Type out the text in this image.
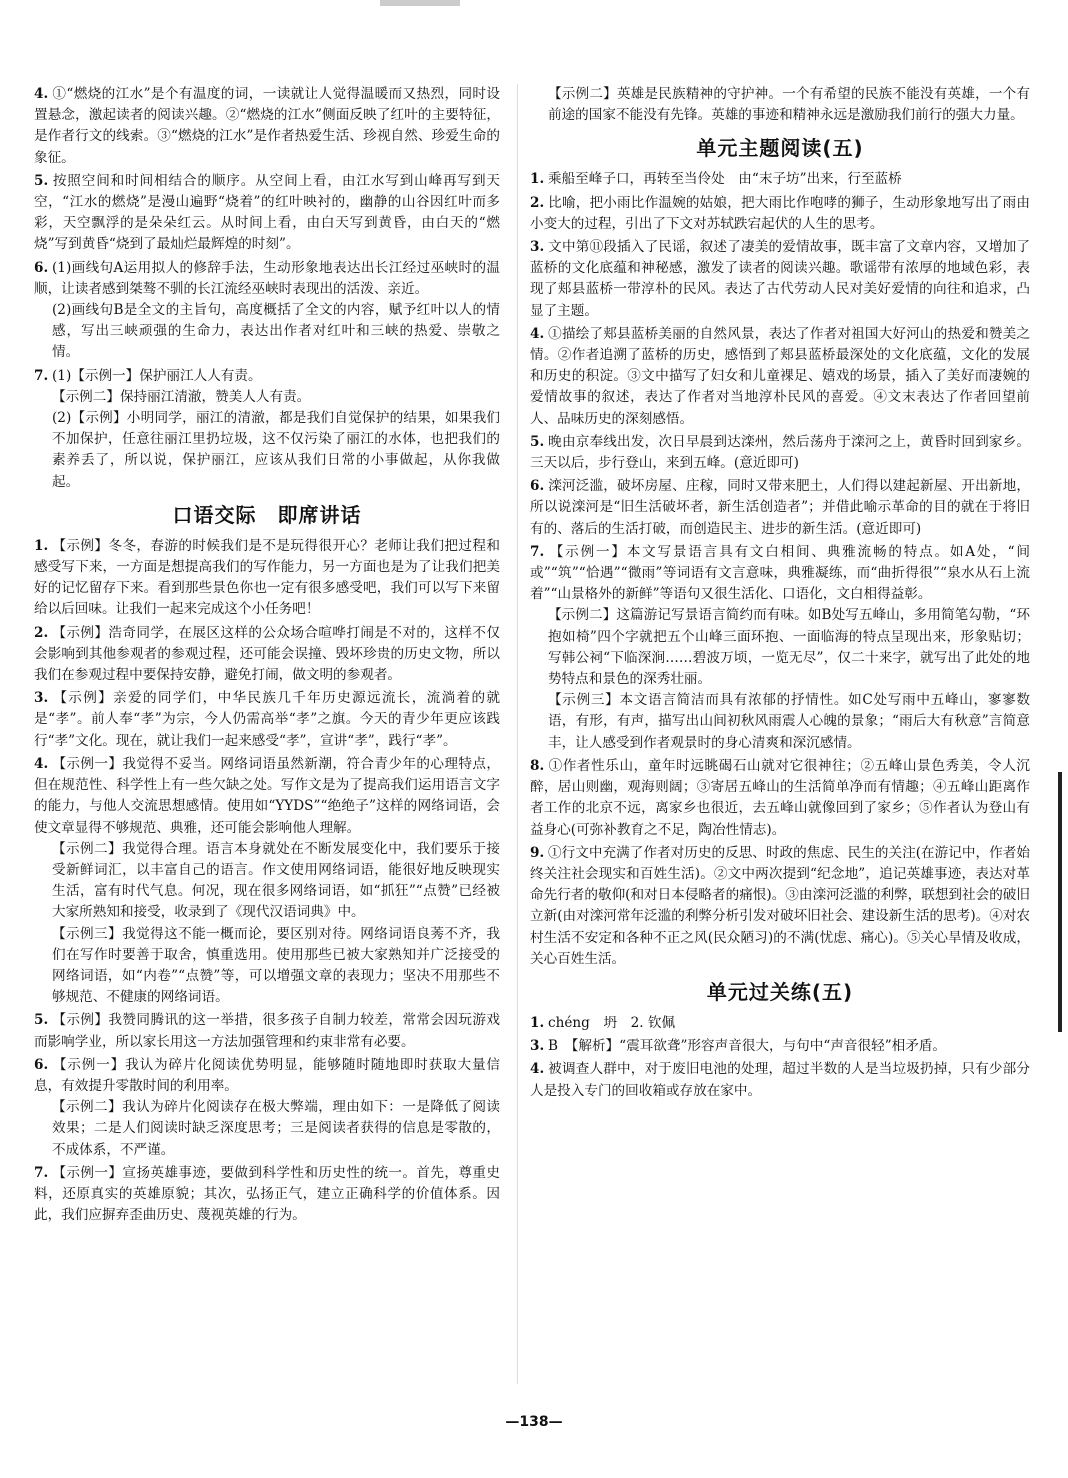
4. ①“燃烧的江水”是个有温度的词，一读就让人觉得温暖而又热烈，同时设置悬念，激起读者的阅读兴趣。②“燃烧的江水”侧面反映了红叶的主要特征，是作者行文的线索。③“燃烧的江水”是作者热爱生活、珍视自然、珍爱生命的象征。
5. 按照空间和时间相结合的顺序。从空间上看，由江水写到山峰再写到天空，“江水的燃烧”是漫山遍野“烧着”的红叶映衬的，幽静的山谷因红叶而多彩，天空飘浮的是朵朵红云。从时间上看，由白天写到黄昏，由白天的“燃烧”写到黄昏“烧到了最灿烂最辉煌的时刻”。
6. (1)画线句A运用拟人的修辞手法，生动形象地表达出长江经过巫峡时的温顺，让读者感到桀骜不驯的长江流经巫峡时表现出的活泼、亲近。
(2)画线句B是全文的主旨句，高度概括了全文的内容，赋予红叶以人的情感，写出三峡顽强的生命力，表达出作者对红叶和三峡的热爱、崇敬之情。
7. (1)【示例一】保护丽江人人有责。
【示例二】保持丽江清澈，赞美人人有责。
(2)【示例】小明同学，丽江的清澈，都是我们自觉保护的结果，如果我们不加保护，任意往丽江里扔垃圾，这不仅污染了丽江的水体，也把我们的素养丢了，所以说，保护丽江，应该从我们日常的小事做起，从你我做起。
口语交际　即席讲话
1. 【示例】冬冬，春游的时候我们是不是玩得很开心？老师让我们把过程和感受写下来，一方面是想提高我们的写作能力，另一方面也是为了让我们把美好的记忆留存下来。看到那些景色你也一定有很多感受吧，我们可以写下来留给以后回味。让我们一起来完成这个小任务吧！
2. 【示例】浩奇同学，在展区这样的公众场合喧哗打闹是不对的，这样不仅会影响到其他参观者的参观过程，还可能会误撞、毁坏珍贵的历史文物，所以我们在参观过程中要保持安静，避免打闹，做文明的参观者。
3. 【示例】亲爱的同学们，中华民族几千年历史源远流长，流淌着的就是“孝”。前人奉“孝”为宗，今人仍需高举“孝”之旗。今天的青少年更应该践行“孝”文化。现在，就让我们一起来感受“孝”，宣讲“孝”，践行“孝”。
4. 【示例一】我觉得不妥当。网络词语虽然新潮，符合青少年的心理特点，但在规范性、科学性上有一些欠缺之处。写作文是为了提高我们运用语言文字的能力，与他人交流思想感情。使用如“YYDS”“绝绝子”这样的网络词语，会使文章显得不够规范、典雅，还可能会影响他人理解。
【示例二】我觉得合理。语言本身就处在不断发展变化中，我们要乐于接受新鲜词汇，以丰富自己的语言。作文使用网络词语，能很好地反映现实生活，富有时代气息。何况，现在很多网络词语，如“抓狂”“点赞”已经被大家所熟知和接受，收录到了《现代汉语词典》中。
【示例三】我觉得这不能一概而论，要区别对待。网络词语良莠不齐，我们在写作时要善于取舍，慎重选用。使用那些已被大家熟知并广泛接受的网络词语，如“内卷”“点赞”等，可以增强文章的表现力；坚决不用那些不够规范、不健康的网络词语。
5. 【示例】我赞同腾讯的这一举措，很多孩子自制力较差，常常会因玩游戏而影响学业，所以家长用这一方法加强管理和约束非常有必要。
6. 【示例一】我认为碎片化阅读优势明显，能够随时随地即时获取大量信息，有效提升零散时间的利用率。
【示例二】我认为碎片化阅读存在极大弊端，理由如下：一是降低了阅读效果；二是人们阅读时缺乏深度思考；三是阅读者获得的信息是零散的，不成体系，不严谨。
7. 【示例一】宣扬英雄事迹，要做到科学性和历史性的统一。首先，尊重史料，还原真实的英雄原貌；其次，弘扬正气，建立正确科学的价值体系。因此，我们应摒弃歪曲历史、蔑视英雄的行为。
【示例二】英雄是民族精神的守护神。一个有希望的民族不能没有英雄，一个有前途的国家不能没有先锋。英雄的事迹和精神永远是激励我们前行的强大力量。
单元主题阅读(五)
1. 乘船至峰子口，再转至当伶处　由“末子坊”出来，行至蓝桥
2. 比喻，把小雨比作温婉的姑娘，把大雨比作咆哮的狮子，生动形象地写出了雨由小变大的过程，引出了下文对苏轼跌宕起伏的人生的思考。
3. 文中第⑪段插入了民谣，叙述了凄美的爱情故事，既丰富了文章内容，又增加了蓝桥的文化底蕴和神秘感，激发了读者的阅读兴趣。歌谣带有浓厚的地域色彩，表现了郏县蓝桥一带淳朴的民风。表达了古代劳动人民对美好爱情的向往和追求，凸显了主题。
4. ①描绘了郏县蓝桥美丽的自然风景，表达了作者对祖国大好河山的热爱和赞美之情。②作者追溯了蓝桥的历史，感悟到了郏县蓝桥最深处的文化底蕴，文化的发展和历史的积淀。③文中描写了妇女和儿童裸足、嬉戏的场景，插入了美好而凄婉的爱情故事的叙述，表达了作者对当地淳朴民风的喜爱。④文末表达了作者回望前人、品味历史的深刻感悟。
5. 晚由京奉线出发，次日早晨到达滦州，然后荡舟于滦河之上，黄昏时回到家乡。三天以后，步行登山，来到五峰。(意近即可)
6. 滦河泛滥，破坏房屋、庄稼，同时又带来肥土，人们得以建起新屋、开出新地，所以说滦河是“旧生活破坏者，新生活创造者”；并借此喻示革命的目的就在于将旧有的、落后的生活打破，而创造民主、进步的新生活。(意近即可)
7. 【示例一】本文写景语言具有文白相间、典雅流畅的特点。如A处，“间或”“筑”“恰遇”“微雨”等词语有文言意味，典雅凝练，而“曲折得很”“泉水从石上流着”“山景格外的新鲜”等语句又很生活化、口语化，文白相得益彰。
【示例二】这篇游记写景语言简约而有味。如B处写五峰山，多用简笔勾勒，“环抱如椅”四个字就把五个山峰三面环抱、一面临海的特点呈现出来，形象贴切；写韩公祠“下临深涧……碧波万顷，一览无尽”，仅二十来字，就写出了此处的地势特点和景色的深秀壮丽。
【示例三】本文语言简洁而具有浓郁的抒情性。如C处写雨中五峰山，寥寥数语，有形，有声，描写出山间初秋风雨震人心魄的景象；“雨后大有秋意”言简意丰，让人感受到作者观景时的身心清爽和深沉感情。
8. ①作者性乐山，童年时远眺碣石山就对它很神往；②五峰山景色秀美，令人沉醉，居山则幽，观海则阔；③寄居五峰山的生活简单净而有情趣；④五峰山距离作者工作的北京不远，离家乡也很近，去五峰山就像回到了家乡；⑤作者认为登山有益身心(可弥补教育之不足，陶冶性情志)。
9. ①行文中充满了作者对历史的反思、时政的焦虑、民生的关注(在游记中，作者始终关注社会现实和百姓生活)。②文中两次提到“纪念地”，追记英雄事迹，表达对革命先行者的敬仰(和对日本侵略者的痛恨)。③由滦河泛滥的利弊，联想到社会的破旧立新(由对滦河常年泛滥的利弊分析引发对破坏旧社会、建设新生活的思考)。④对农村生活不安定和各种不正之风(民众陋习)的不满(忧虑、痛心)。⑤关心旱情及收成，关心百姓生活。
单元过关练(五)
1. chéng　坍　2. 钦佩
3. B　【解析】“震耳欲聋”形容声音很大，与句中“声音很轻”相矛盾。
4. 被调查人群中，对于废旧电池的处理，超过半数的人是当垃圾扔掉，只有少部分人是投入专门的回收箱或存放在家中。
—138—
